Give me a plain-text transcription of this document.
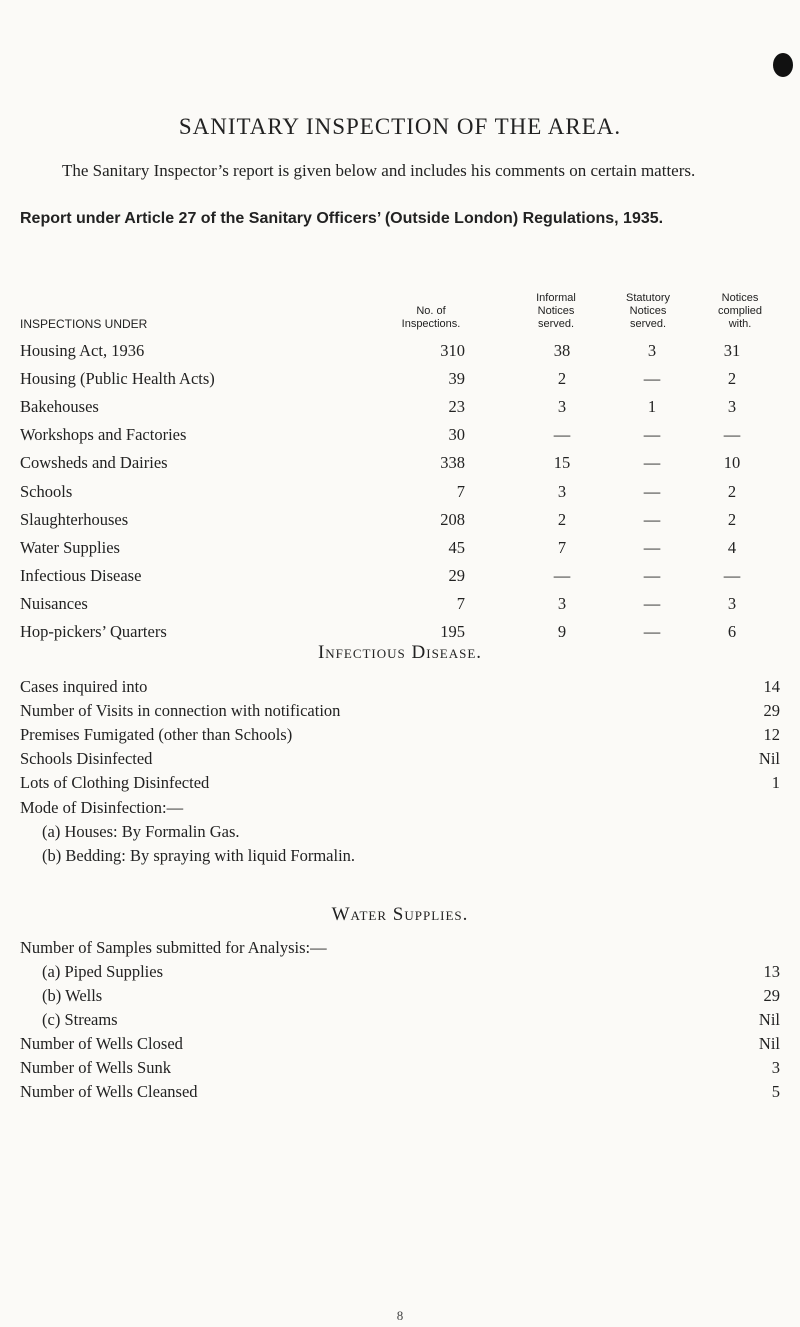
SANITARY INSPECTION OF THE AREA.
The Sanitary Inspector’s report is given below and includes his comments on certain matters.
Report under Article 27 of the Sanitary Officers’ (Outside London) Regulations, 1935.
INSPECTIONS UNDER
No. of
Inspections.
Informal
Notices
served.
Statutory
Notices
served.
Notices
complied
with.
Housing Act, 1936	310	38	3	31
Housing (Public Health Acts)	39	2	—	2
Bakehouses	23	3	1	3
Workshops and Factories	30	—	—	—
Cowsheds and Dairies	338	15	—	10
Schools	7	3	—	2
Slaughterhouses	208	2	—	2
Water Supplies	45	7	—	4
Infectious Disease	29	—	—	—
Nuisances	7	3	—	3
Hop-pickers’ Quarters	195	9	—	6
Infectious Disease.
Cases inquired into	14
Number of Visits in connection with notification	29
Premises Fumigated (other than Schools)	12
Schools Disinfected	Nil
Lots of Clothing Disinfected	1
Mode of Disinfection:—
(a) Houses: By Formalin Gas.
(b) Bedding: By spraying with liquid Formalin.
Water Supplies.
Number of Samples submitted for Analysis:—
(a) Piped Supplies	13
(b) Wells	29
(c) Streams	Nil
Number of Wells Closed	Nil
Number of Wells Sunk	3
Number of Wells Cleansed	5
8
